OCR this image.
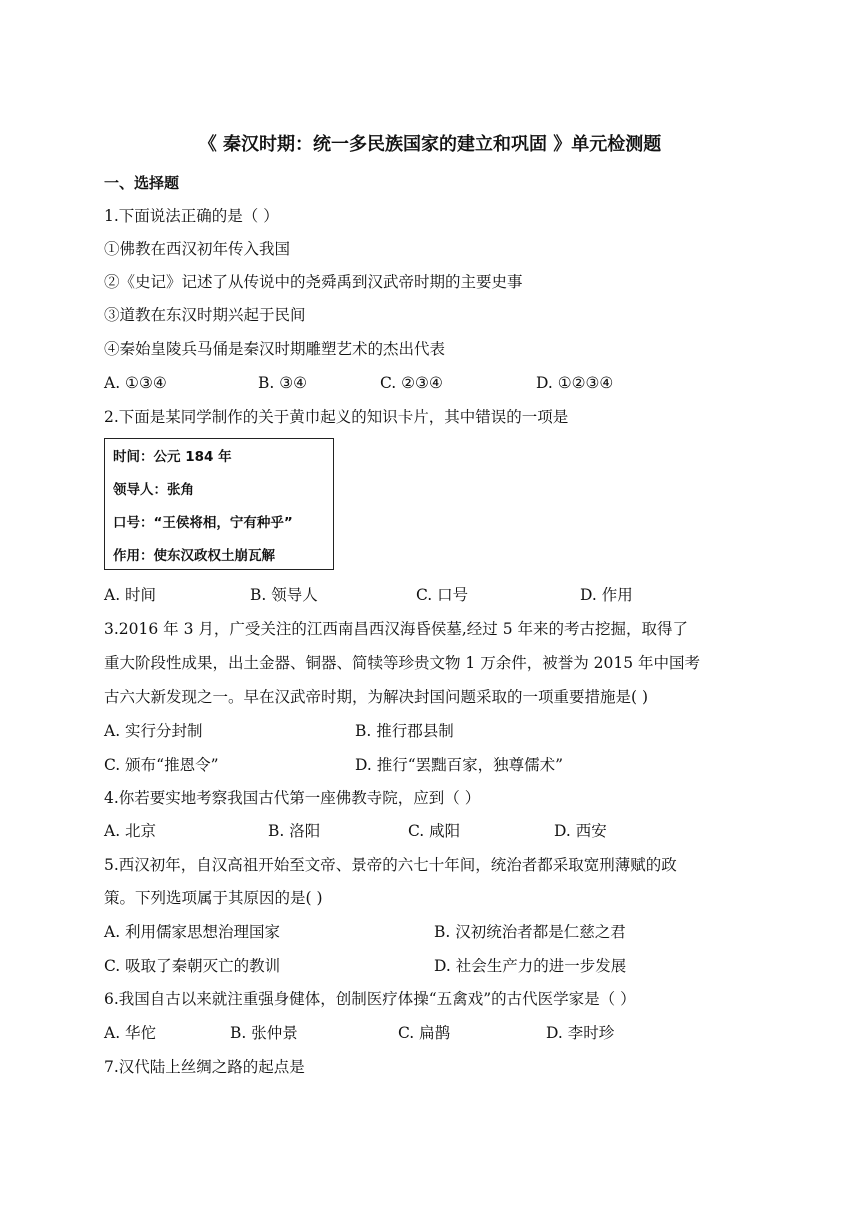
《 秦汉时期：统一多民族国家的建立和巩固 》单元检测题
一、选择题
1.下面说法正确的是（ ）
①佛教在西汉初年传入我国
②《史记》记述了从传说中的尧舜禹到汉武帝时期的主要史事
③道教在东汉时期兴起于民间
④秦始皇陵兵马俑是秦汉时期雕塑艺术的杰出代表
A. ①③④	B. ③④	C. ②③④	D. ①②③④
2.下面是某同学制作的关于黄巾起义的知识卡片，其中错误的一项是
时间：公元 184 年
领导人：张角
口号：“王侯将相，宁有种乎”
作用：使东汉政权土崩瓦解
A. 时间	B. 领导人	C. 口号	D. 作用
3.2016 年 3 月，广受关注的江西南昌西汉海昏侯墓,经过 5 年来的考古挖掘，取得了
重大阶段性成果，出土金器、铜器、简犊等珍贵文物 1 万余件，被誉为 2015 年中国考
古六大新发现之一。早在汉武帝时期，为解决封国问题采取的一项重要措施是( )
A. 实行分封制	B. 推行郡县制
C. 颁布“推恩令”	D. 推行“罢黜百家，独尊儒术”
4.你若要实地考察我国古代第一座佛教寺院，应到（ ）
A. 北京	B. 洛阳	C. 咸阳	D. 西安
5.西汉初年，自汉高祖开始至文帝、景帝的六七十年间，统治者都采取宽刑薄赋的政
策。下列选项属于其原因的是( )
A. 利用儒家思想治理国家	B. 汉初统治者都是仁慈之君
C. 吸取了秦朝灭亡的教训	D. 社会生产力的进一步发展
6.我国自古以来就注重强身健体，创制医疗体操“五禽戏”的古代医学家是（ ）
A. 华佗	B. 张仲景	C. 扁鹊	D. 李时珍
7.汉代陆上丝绸之路的起点是
